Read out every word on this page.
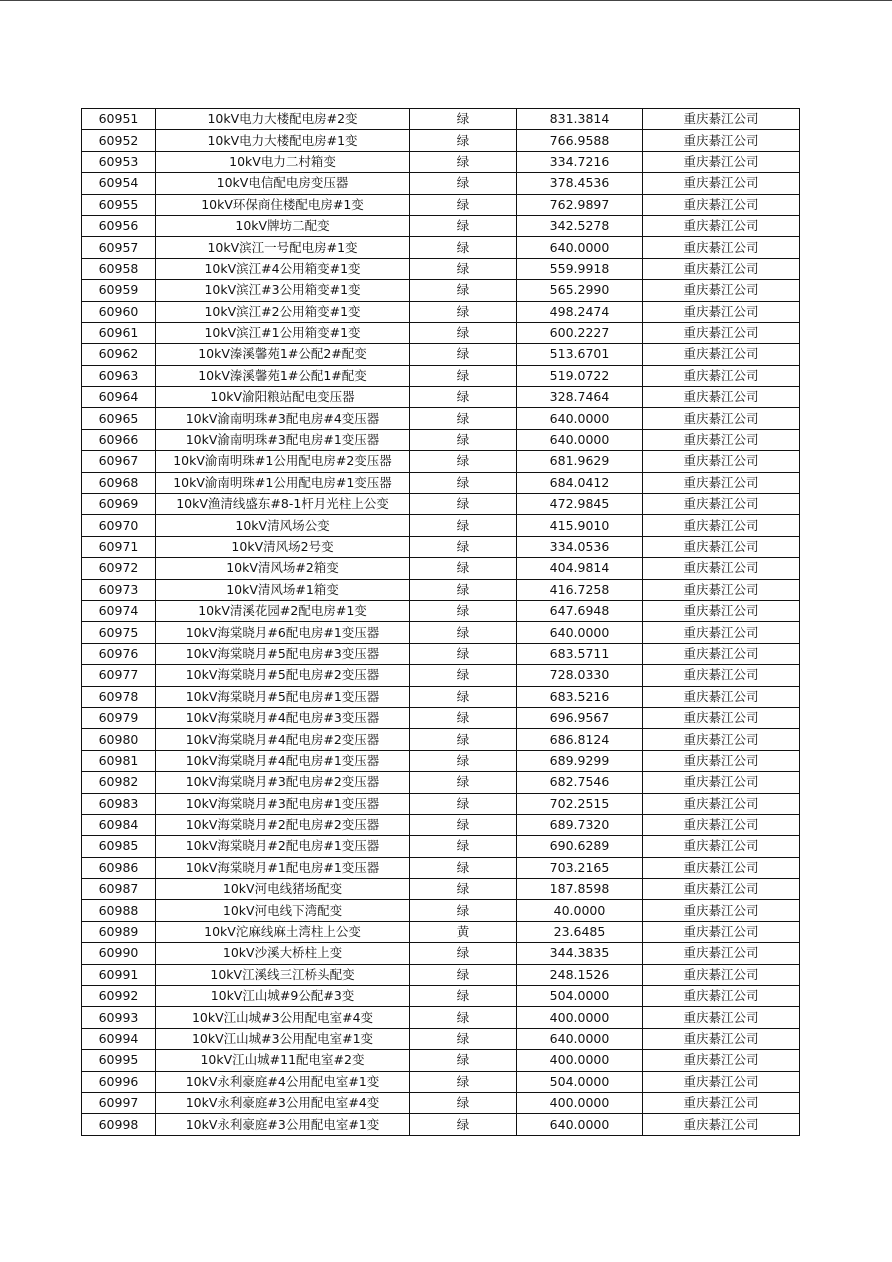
60951	10kV电力大楼配电房#2变	绿	831.3814	重庆綦江公司
60952	10kV电力大楼配电房#1变	绿	766.9588	重庆綦江公司
60953	10kV电力二村箱变	绿	334.7216	重庆綦江公司
60954	10kV电信配电房变压器	绿	378.4536	重庆綦江公司
60955	10kV环保商住楼配电房#1变	绿	762.9897	重庆綦江公司
60956	10kV牌坊二配变	绿	342.5278	重庆綦江公司
60957	10kV滨江一号配电房#1变	绿	640.0000	重庆綦江公司
60958	10kV滨江#4公用箱变#1变	绿	559.9918	重庆綦江公司
60959	10kV滨江#3公用箱变#1变	绿	565.2990	重庆綦江公司
60960	10kV滨江#2公用箱变#1变	绿	498.2474	重庆綦江公司
60961	10kV滨江#1公用箱变#1变	绿	600.2227	重庆綦江公司
60962	10kV溱溪馨苑1#公配2#配变	绿	513.6701	重庆綦江公司
60963	10kV溱溪馨苑1#公配1#配变	绿	519.0722	重庆綦江公司
60964	10kV渝阳粮站配电变压器	绿	328.7464	重庆綦江公司
60965	10kV渝南明珠#3配电房#4变压器	绿	640.0000	重庆綦江公司
60966	10kV渝南明珠#3配电房#1变压器	绿	640.0000	重庆綦江公司
60967	10kV渝南明珠#1公用配电房#2变压器	绿	681.9629	重庆綦江公司
60968	10kV渝南明珠#1公用配电房#1变压器	绿	684.0412	重庆綦江公司
60969	10kV渔清线盛东#8-1杆月光柱上公变	绿	472.9845	重庆綦江公司
60970	10kV清风场公变	绿	415.9010	重庆綦江公司
60971	10kV清风场2号变	绿	334.0536	重庆綦江公司
60972	10kV清风场#2箱变	绿	404.9814	重庆綦江公司
60973	10kV清风场#1箱变	绿	416.7258	重庆綦江公司
60974	10kV清溪花园#2配电房#1变	绿	647.6948	重庆綦江公司
60975	10kV海棠晓月#6配电房#1变压器	绿	640.0000	重庆綦江公司
60976	10kV海棠晓月#5配电房#3变压器	绿	683.5711	重庆綦江公司
60977	10kV海棠晓月#5配电房#2变压器	绿	728.0330	重庆綦江公司
60978	10kV海棠晓月#5配电房#1变压器	绿	683.5216	重庆綦江公司
60979	10kV海棠晓月#4配电房#3变压器	绿	696.9567	重庆綦江公司
60980	10kV海棠晓月#4配电房#2变压器	绿	686.8124	重庆綦江公司
60981	10kV海棠晓月#4配电房#1变压器	绿	689.9299	重庆綦江公司
60982	10kV海棠晓月#3配电房#2变压器	绿	682.7546	重庆綦江公司
60983	10kV海棠晓月#3配电房#1变压器	绿	702.2515	重庆綦江公司
60984	10kV海棠晓月#2配电房#2变压器	绿	689.7320	重庆綦江公司
60985	10kV海棠晓月#2配电房#1变压器	绿	690.6289	重庆綦江公司
60986	10kV海棠晓月#1配电房#1变压器	绿	703.2165	重庆綦江公司
60987	10kV河电线猪场配变	绿	187.8598	重庆綦江公司
60988	10kV河电线下湾配变	绿	40.0000	重庆綦江公司
60989	10kV沱麻线麻土湾柱上公变	黄	23.6485	重庆綦江公司
60990	10kV沙溪大桥柱上变	绿	344.3835	重庆綦江公司
60991	10kV江溪线三江桥头配变	绿	248.1526	重庆綦江公司
60992	10kV江山城#9公配#3变	绿	504.0000	重庆綦江公司
60993	10kV江山城#3公用配电室#4变	绿	400.0000	重庆綦江公司
60994	10kV江山城#3公用配电室#1变	绿	640.0000	重庆綦江公司
60995	10kV江山城#11配电室#2变	绿	400.0000	重庆綦江公司
60996	10kV永利豪庭#4公用配电室#1变	绿	504.0000	重庆綦江公司
60997	10kV永利豪庭#3公用配电室#4变	绿	400.0000	重庆綦江公司
60998	10kV永利豪庭#3公用配电室#1变	绿	640.0000	重庆綦江公司
